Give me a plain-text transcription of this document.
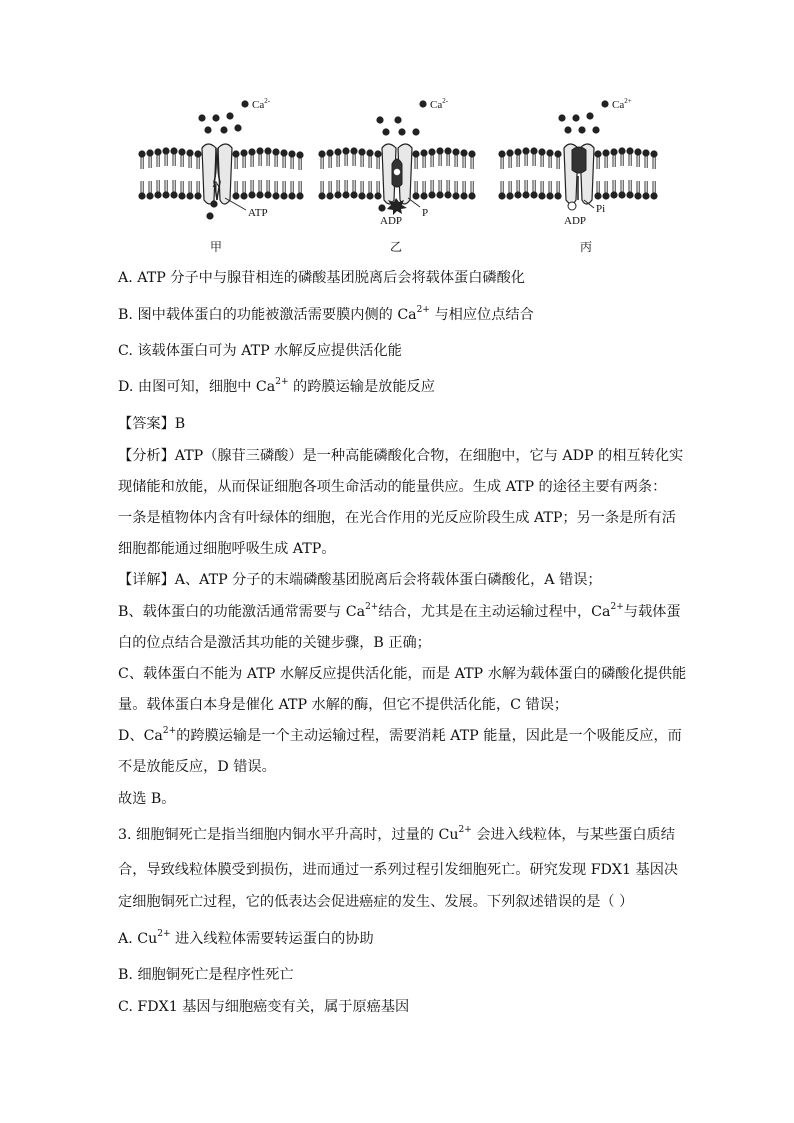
ATP
$Ca^{2-}$
甲
ADP
P
$Ca^{2-}$
乙
Pi
ADP
$Ca^{2+}$
丙
A. ATP 分子中与腺苷相连的磷酸基团脱离后会将载体蛋白磷酸化
B. 图中载体蛋白的功能被激活需要膜内侧的 $Ca^{2+}$ 与相应位点结合
C. 该载体蛋白可为 ATP 水解反应提供活化能
D. 由图可知，细胞中 $Ca^{2+}$ 的跨膜运输是放能反应
【答案】B
【分析】ATP（腺苷三磷酸）是一种高能磷酸化合物，在细胞中，它与 ADP 的相互转化实
现储能和放能，从而保证细胞各项生命活动的能量供应。生成 ATP 的途径主要有两条：
一条是植物体内含有叶绿体的细胞，在光合作用的光反应阶段生成 ATP；另一条是所有活
细胞都能通过细胞呼吸生成 ATP。
【详解】A、ATP 分子的末端磷酸基团脱离后会将载体蛋白磷酸化，A 错误；
B、载体蛋白的功能激活通常需要与 $Ca^{2+}$结合，尤其是在主动运输过程中，$Ca^{2+}$与载体蛋
白的位点结合是激活其功能的关键步骤，B 正确；
C、载体蛋白不能为 ATP 水解反应提供活化能，而是 ATP 水解为载体蛋白的磷酸化提供能
量。载体蛋白本身是催化 ATP 水解的酶，但它不提供活化能，C 错误；
D、$Ca^{2+}$的跨膜运输是一个主动运输过程，需要消耗 ATP 能量，因此是一个吸能反应，而
不是放能反应，D 错误。
故选 B。
3. 细胞铜死亡是指当细胞内铜水平升高时，过量的 $Cu^{2+}$ 会进入线粒体，与某些蛋白质结
合，导致线粒体膜受到损伤，进而通过一系列过程引发细胞死亡。研究发现 FDX1 基因决
定细胞铜死亡过程，它的低表达会促进癌症的发生、发展。下列叙述错误的是（ ）
A. $Cu^{2+}$ 进入线粒体需要转运蛋白的协助
B. 细胞铜死亡是程序性死亡
C. FDX1 基因与细胞癌变有关，属于原癌基因
